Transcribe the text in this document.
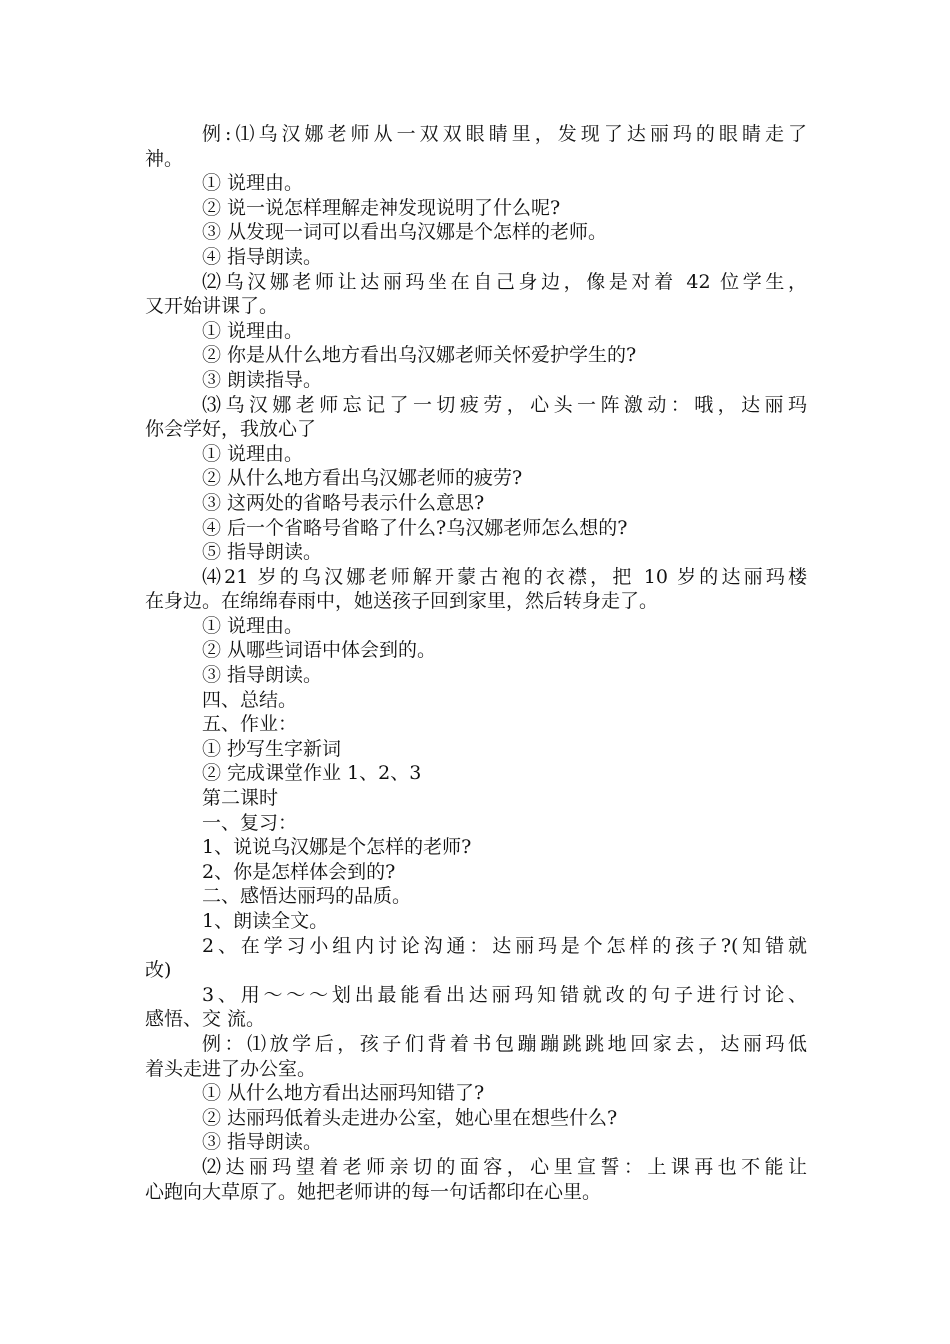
例:⑴乌汉娜老师从一双双眼睛里，发现了达丽玛的眼睛走了
神。
① 说理由。
② 说一说怎样理解走神发现说明了什么呢?
③ 从发现一词可以看出乌汉娜是个怎样的老师。
④ 指导朗读。
⑵乌汉娜老师让达丽玛坐在自己身边，像是对着 42 位学生，
又开始讲课了。
① 说理由。
② 你是从什么地方看出乌汉娜老师关怀爱护学生的?
③ 朗读指导。
⑶乌汉娜老师忘记了一切疲劳，心头一阵激动：哦，达丽玛
你会学好，我放心了
① 说理由。
② 从什么地方看出乌汉娜老师的疲劳?
③ 这两处的省略号表示什么意思?
④ 后一个省略号省略了什么?乌汉娜老师怎么想的?
⑤ 指导朗读。
⑷21 岁的乌汉娜老师解开蒙古袍的衣襟，把 10 岁的达丽玛楼
在身边。在绵绵春雨中，她送孩子回到家里，然后转身走了。
① 说理由。
② 从哪些词语中体会到的。
③ 指导朗读。
四、总结。
五、作业：
① 抄写生字新词
② 完成课堂作业 1、2、3
第二课时
一、复习：
1、说说乌汉娜是个怎样的老师?
2、你是怎样体会到的?
二、感悟达丽玛的品质。
1、朗读全文。
2、在学习小组内讨论沟通：达丽玛是个怎样的孩子?(知错就
改)
3、用～～～划出最能看出达丽玛知错就改的句子进行讨论、
感悟、交 流。
例：⑴放学后，孩子们背着书包蹦蹦跳跳地回家去，达丽玛低
着头走进了办公室。
① 从什么地方看出达丽玛知错了?
② 达丽玛低着头走进办公室，她心里在想些什么?
③ 指导朗读。
⑵达丽玛望着老师亲切的面容，心里宣誓：上课再也不能让
心跑向大草原了。她把老师讲的每一句话都印在心里。
